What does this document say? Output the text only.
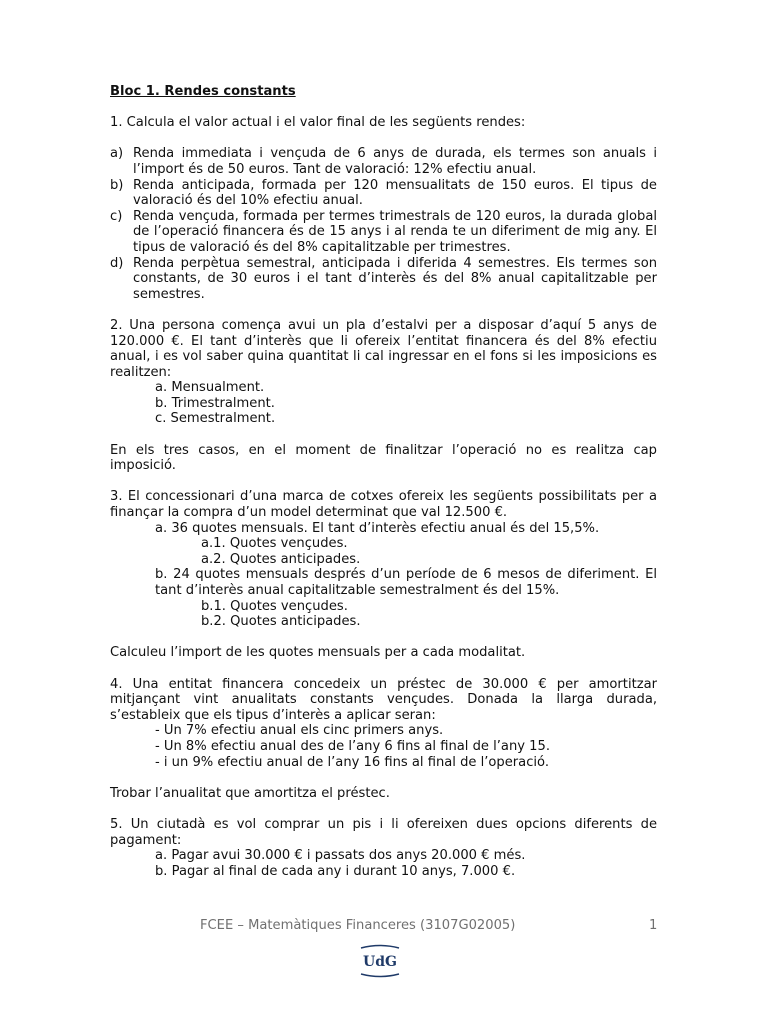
Bloc 1. Rendes constants

1. Calcula el valor actual i el valor final de les següents rendes:

a) Renda immediata i vençuda de 6 anys de durada, els termes son anuals i l’import és de 50 euros. Tant de valoració: 12% efectiu anual.
b) Renda anticipada, formada per 120 mensualitats de 150 euros. El tipus de valoració és del 10% efectiu anual.
c) Renda vençuda, formada per termes trimestrals de 120 euros, la durada global de l’operació financera és de 15 anys i al renda te un diferiment de mig any. El tipus de valoració és del 8% capitalitzable per trimestres.
d) Renda perpètua semestral, anticipada i diferida 4 semestres. Els termes son constants, de 30 euros i el tant d’interès és del 8% anual capitalitzable per semestres.

2. Una persona comença avui un pla d’estalvi per a disposar d’aquí 5 anys de 120.000 €. El tant d’interès que li ofereix l’entitat financera és del 8% efectiu anual, i es vol saber quina quantitat li cal ingressar en el fons si les imposicions es realitzen:

a. Mensualment.

b. Trimestralment.

c. Semestralment.

En els tres casos, en el moment de finalitzar l’operació no es realitza cap imposició.

3. El concessionari d’una marca de cotxes ofereix les següents possibilitats per a finançar la compra d’un model determinat que val 12.500 €.

a. 36 quotes mensuals. El tant d’interès efectiu anual és del 15,5%.

a.1. Quotes vençudes.

a.2. Quotes anticipades.

b. 24 quotes mensuals després d’un període de 6 mesos de diferiment. El tant d’interès anual capitalitzable semestralment és del 15%.

b.1. Quotes vençudes.

b.2. Quotes anticipades.

Calculeu l’import de les quotes mensuals per a cada modalitat.

4. Una entitat financera concedeix un préstec de 30.000 € per amortitzar mitjançant vint anualitats constants vençudes. Donada la llarga durada, s’estableix que els tipus d’interès a aplicar seran:

- Un 7% efectiu anual els cinc primers anys.

- Un 8% efectiu anual des de l’any 6 fins al final de l’any 15.

- i un 9% efectiu anual de l’any 16 fins al final de l’operació.

Trobar l’anualitat que amortitza el préstec.

5. Un ciutadà es vol comprar un pis i li ofereixen dues opcions diferents de pagament:

a. Pagar avui 30.000 € i passats dos anys 20.000 € més.

b. Pagar al final de cada any i durant 10 anys, 7.000 €.

FCEE – Matemàtiques Financeres (3107G02005)	1
UdG
